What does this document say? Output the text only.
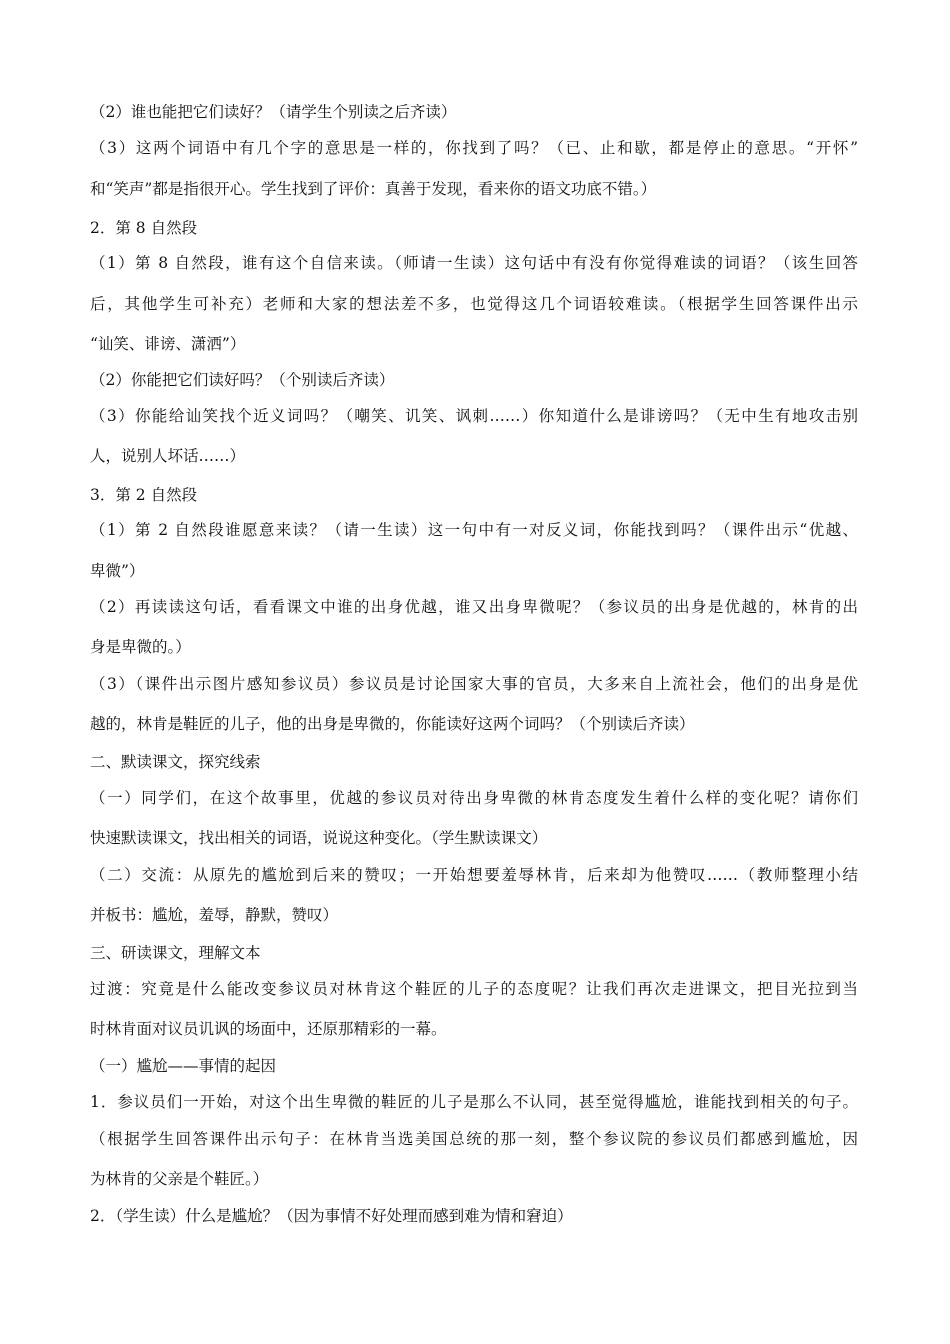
（2）谁也能把它们读好？（请学生个别读之后齐读）
（3）这两个词语中有几个字的意思是一样的，你找到了吗？（已、止和歇，都是停止的意思。“开怀”
和“笑声”都是指很开心。学生找到了评价：真善于发现，看来你的语文功底不错。）
2．第 8 自然段
（1）第 8 自然段，谁有这个自信来读。（师请一生读）这句话中有没有你觉得难读的词语？（该生回答
后，其他学生可补充）老师和大家的想法差不多，也觉得这几个词语较难读。（根据学生回答课件出示
“讪笑、诽谤、潇洒”）
（2）你能把它们读好吗？（个别读后齐读）
（3）你能给讪笑找个近义词吗？（嘲笑、讥笑、讽刺……）你知道什么是诽谤吗？（无中生有地攻击别
人，说别人坏话……）
3．第 2 自然段
（1）第 2 自然段谁愿意来读？（请一生读）这一句中有一对反义词，你能找到吗？（课件出示“优越、
卑微”）
（2）再读读这句话，看看课文中谁的出身优越，谁又出身卑微呢？（参议员的出身是优越的，林肯的出
身是卑微的。）
（3）（课件出示图片感知参议员）参议员是讨论国家大事的官员，大多来自上流社会，他们的出身是优
越的，林肯是鞋匠的儿子，他的出身是卑微的，你能读好这两个词吗？（个别读后齐读）
二、默读课文，探究线索
（一）同学们，在这个故事里，优越的参议员对待出身卑微的林肯态度发生着什么样的变化呢？请你们
快速默读课文，找出相关的词语，说说这种变化。（学生默读课文）
（二）交流：从原先的尴尬到后来的赞叹；一开始想要羞辱林肯，后来却为他赞叹……（教师整理小结
并板书：尴尬，羞辱，静默，赞叹）
三、研读课文，理解文本
过渡：究竟是什么能改变参议员对林肯这个鞋匠的儿子的态度呢？让我们再次走进课文，把目光拉到当
时林肯面对议员讥讽的场面中，还原那精彩的一幕。
（一）尴尬——事情的起因
1．参议员们一开始，对这个出生卑微的鞋匠的儿子是那么不认同，甚至觉得尴尬，谁能找到相关的句子。
（根据学生回答课件出示句子：在林肯当选美国总统的那一刻，整个参议院的参议员们都感到尴尬，因
为林肯的父亲是个鞋匠。）
2．（学生读）什么是尴尬？（因为事情不好处理而感到难为情和窘迫）
